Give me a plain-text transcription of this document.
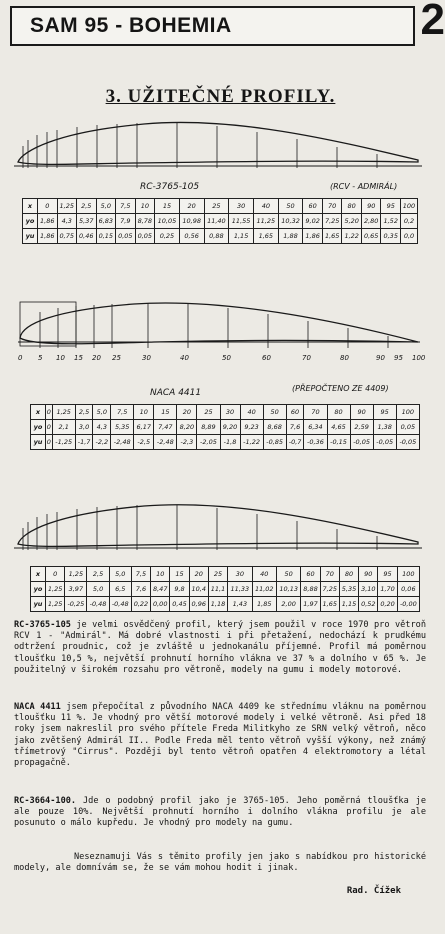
SAM 95 - BOHEMIA	2
3. UŽITEČNÉ PROFILY.
RC-3765-105	(RCV - ADMIRÁL)
x	0	1,25	2,5	5,0	7,5	10	15	20	25	30	40	50	60	70	80	90	95	100
yo	1,86	4,3	5,37	6,83	7,9	8,78	10,05	10,98	11,40	11,55	11,25	10,32	9,02	7,25	5,20	2,80	1,52	0,2
yu	1,86	0,75	0,46	0,15	0,05	0,05	0,25	0,56	0,88	1,15	1,65	1,88	1,86	1,65	1,22	0,65	0,35	0,0
0 5 10 15 20 25	30	40	50	60	70	80	90 95 100
NACA 4411	(PŘEPOČTENO ZE 4409)
x	0	1,25	2,5	5,0	7,5	10	15	20	25	30	40	50	60	70	80	90	95	100
yo	0	2,1	3,0	4,3	5,35	6,17	7,47	8,20	8,89	9,20	9,23	8,68	7,6	6,34	4,65	2,59	1,38	0,05
yu	0	-1,25	-1,7	-2,2	-2,48	-2,5	-2,48	-2,3	-2,05	-1,8	-1,22	-0,85	-0,7	-0,36	-0,15	-0,05	-0,05	-0,05
x	0	1,25	2,5	5,0	7,5	10	15	20	25	30	40	50	60	70	80	90	95	100
yo	1,25	3,97	5,0	6,5	7,6	8,47	9,8	10,4	11,1	11,33	11,02	10,13	8,88	7,25	5,35	3,10	1,70	0,06
yu	1,25	-0,25	-0,48	-0,48	0,22	0,00	0,45	0,96	1,18	1,43	1,85	2,00	1,97	1,65	1,15	0,52	0,20	-0,00

RC-3765-105 je velmi osvědčený profil, který jsem použil v roce 1970 pro větroň RCV 1 - "Admirál". Má dobré vlastnosti i při přetažení, nedochází k prudkému odtržení proudnic, což je zvláště u jednokanálu příjemné. Profil má poměrnou tloušťku 10,5 %, největší prohnutí horního vlákna ve 37 % a dolního v 65 %. Je použitelný v širokém rozsahu pro větroně, modely na gumu i modely motorové.

NACA 4411 jsem přepočítal z původního NACA 4409 ke střednímu vláknu na poměrnou tloušťku 11 %. Je vhodný pro větší motorové modely i velké větroně. Asi před 18 roky jsem nakreslil pro svého přítele Freda Militkyho ze SRN velký větroň, něco jako zvětšený Admirál II.. Podle Freda měl tento větroň vyšší výkony, než známý třímetrový "Cirrus". Později byl tento větroň opatřen 4 elektromotory a létal propagačně.

RC-3664-100. Jde o podobný profil jako je 3765-105. Jeho poměrná tloušťka je ale pouze 10%. Největší prohnutí horního i dolního vlákna profilu je ale posunuto o málo kupředu. Je vhodný pro modely na gumu.

Neseznamuji Vás s těmito profily jen jako s nabídkou pro historické modely, ale domnívám se, že se vám mohou hodit i jinak.

Rad. Čížek
